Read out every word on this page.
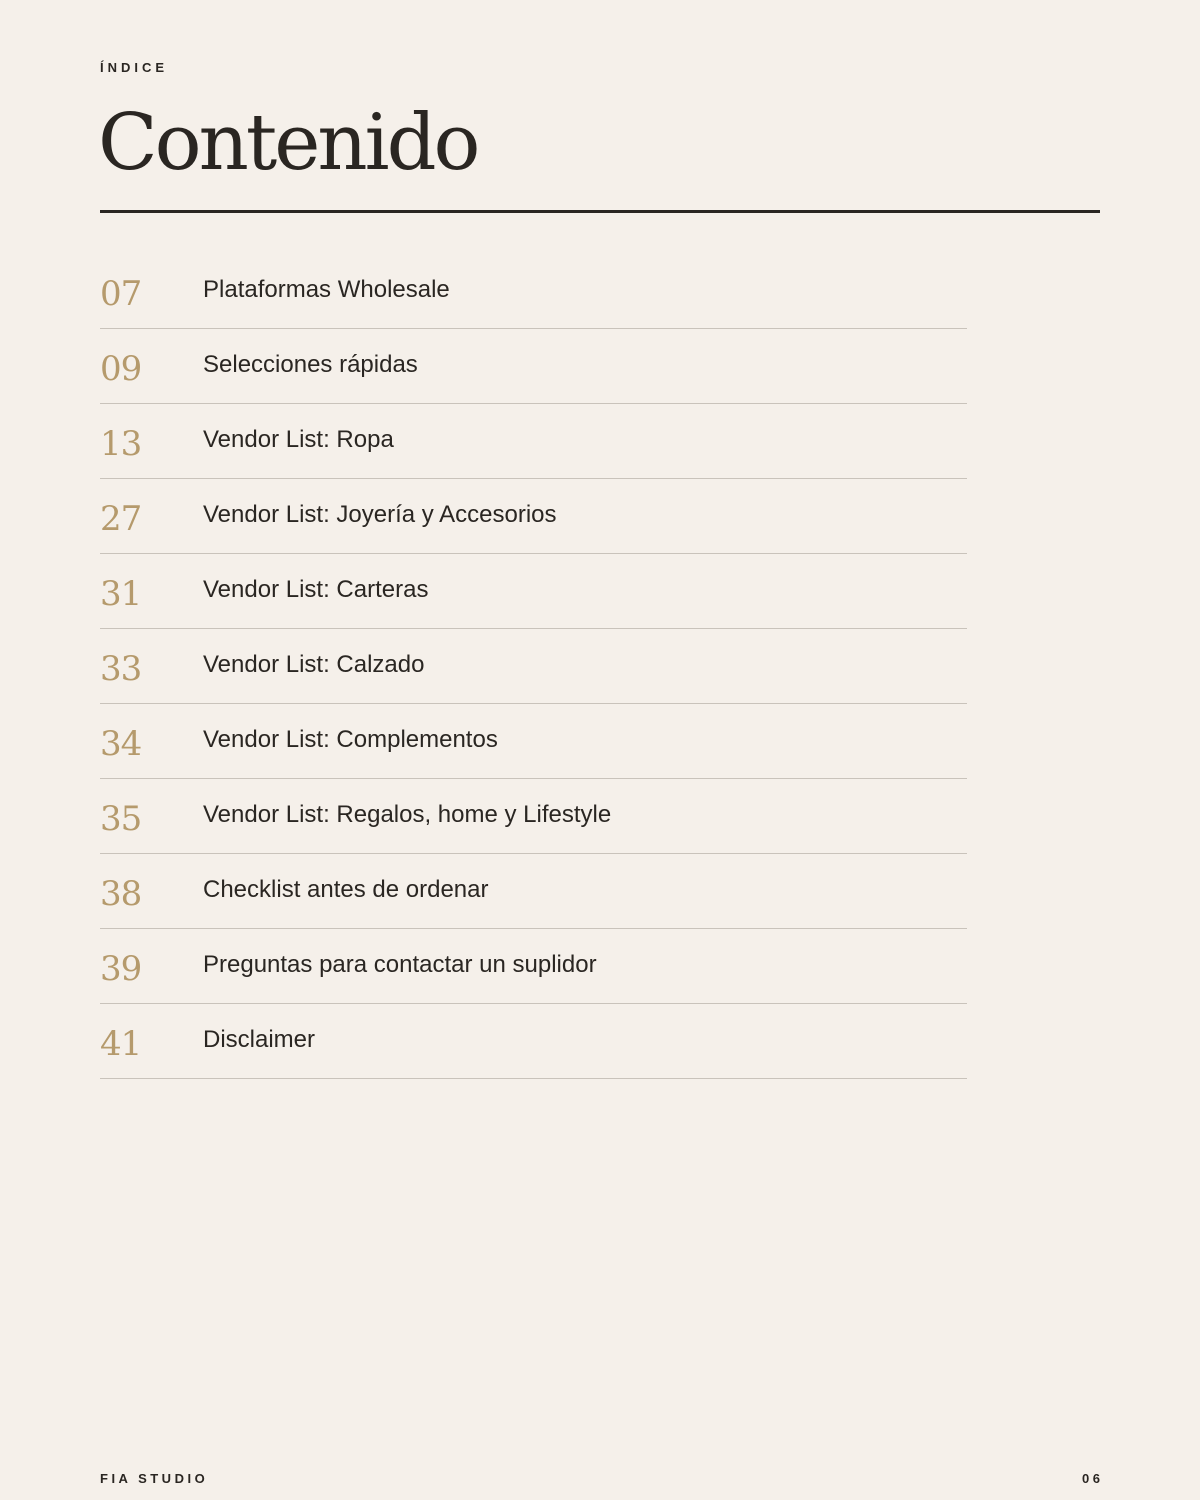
ÍNDICE
Contenido
07	Plataformas Wholesale
09	Selecciones rápidas
13	Vendor List: Ropa
27	Vendor List: Joyería y Accesorios
31	Vendor List: Carteras
33	Vendor List: Calzado
34	Vendor List: Complementos
35	Vendor List: Regalos, home y Lifestyle
38	Checklist antes de ordenar
39	Preguntas para contactar un suplidor
41	Disclaimer
FIA STUDIO	06
